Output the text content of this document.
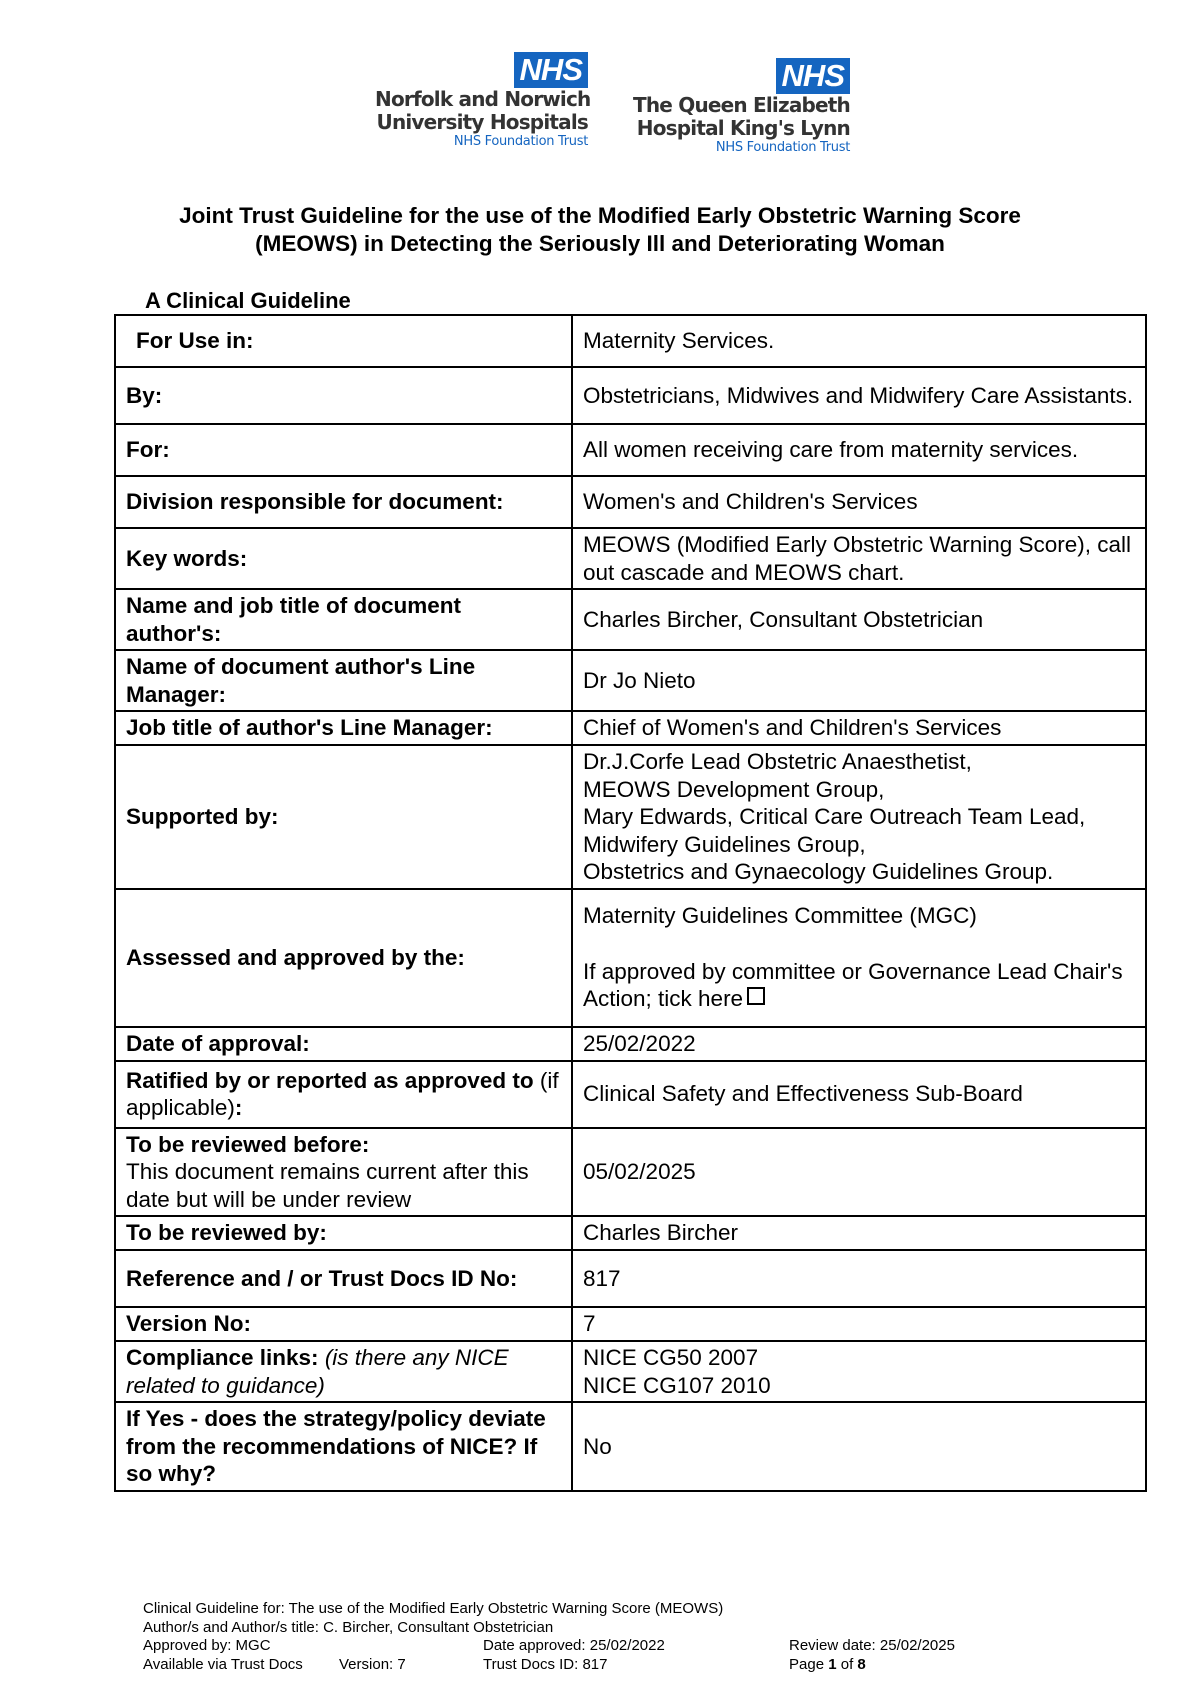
NHS
Norfolk and Norwich
University Hospitals
NHS Foundation Trust
NHS
The Queen Elizabeth
Hospital King's Lynn
NHS Foundation Trust
Joint Trust Guideline for the use of the Modified Early Obstetric Warning Score
(MEOWS) in Detecting the Seriously Ill and Deteriorating Woman
A Clinical Guideline
For Use in:	Maternity Services.
By:	Obstetricians, Midwives and Midwifery Care Assistants.
For:	All women receiving care from maternity services.
Division responsible for document:	Women's and Children's Services
Key words:	MEOWS (Modified Early Obstetric Warning Score), call out cascade and MEOWS chart.
Name and job title of document author's:	Charles Bircher, Consultant Obstetrician
Name of document author's Line Manager:	Dr Jo Nieto
Job title of author's Line Manager:	Chief of Women's and Children's Services
Supported by:	Dr.J.Corfe Lead Obstetric Anaesthetist,
MEOWS Development Group,
Mary Edwards, Critical Care Outreach Team Lead,
Midwifery Guidelines Group,
Obstetrics and Gynaecology Guidelines Group.

Assessed and approved by the:	Maternity Guidelines Committee (MGC)
If approved by committee or Governance Lead Chair's Action; tick here

Date of approval:	25/02/2022
Ratified by or reported as approved to (if applicable):	Clinical Safety and Effectiveness Sub-Board
To be reviewed before:
This document remains current after this date but will be under review	05/02/2025
To be reviewed by:	Charles Bircher
Reference and / or Trust Docs ID No:	817
Version No:	7
Compliance links: (is there any NICE related to guidance)	NICE CG50 2007
NICE CG107 2010

If Yes - does the strategy/policy deviate from the recommendations of NICE? If so why?	No
Clinical Guideline for: The use of the Modified Early Obstetric Warning Score (MEOWS)
Author/s and Author/s title: C. Bircher, Consultant Obstetrician
Approved by: MGC	Date approved: 25/02/2022	Review date: 25/02/2025
Available via Trust Docs Version: 7	Trust Docs ID: 817	Page 1 of 8
